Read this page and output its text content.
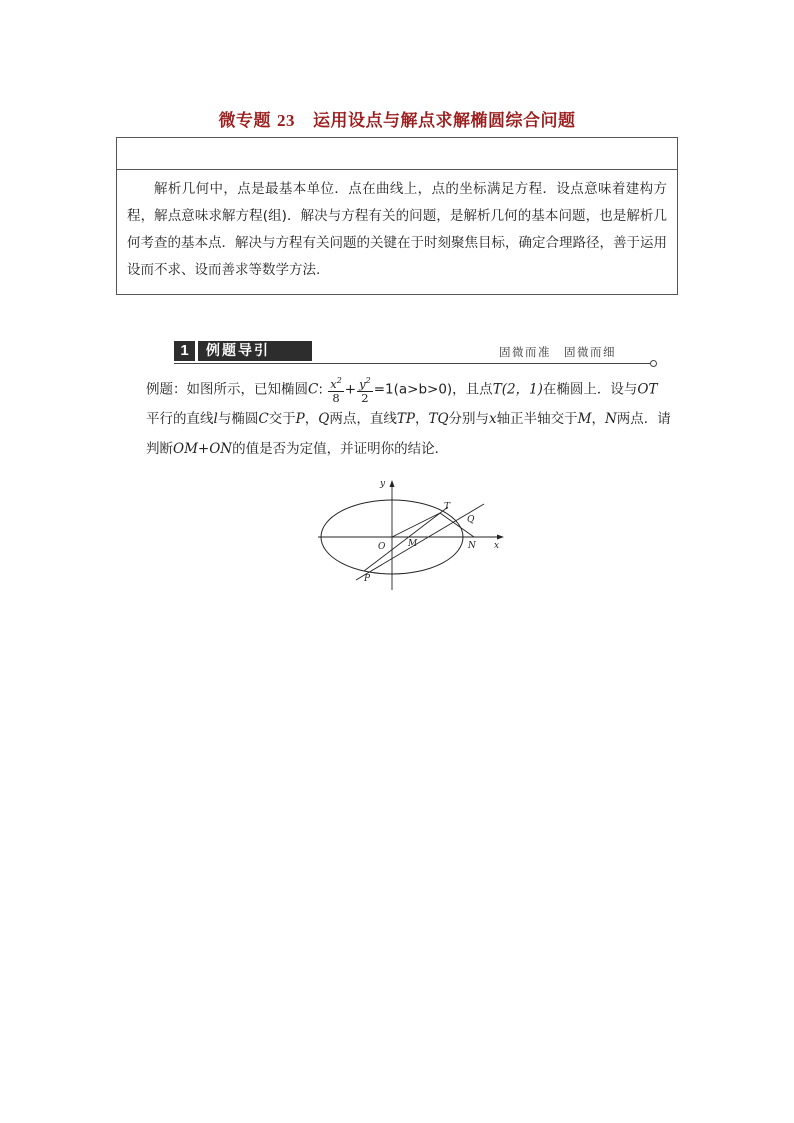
微专题 23 运用设点与解点求解椭圆综合问题
解析几何中，点是最基本单位．点在曲线上，点的坐标满足方程．设点意味着建构方程，解点意味求解方程(组)．解决与方程有关的问题，是解析几何的基本问题，也是解析几何考查的基本点．解决与方程有关问题的关键在于时刻聚焦目标，确定合理路径，善于运用设而不求、设而善求等数学方法.
1	例题导引	固微而准　固微而细
例题：如图所示，已知椭圆C: $\frac{x^2}{8} + \frac{y^2}{2} =1(a>b>0)$，且点T(2，1)在椭圆上．设与OT
平行的直线l与椭圆C交于P，Q两点，直线TP，TQ分别与x轴正半轴交于M，N两点．请
判断OM+ON的值是否为定值，并证明你的结论．
y
x
O	M	N
T
Q
P
